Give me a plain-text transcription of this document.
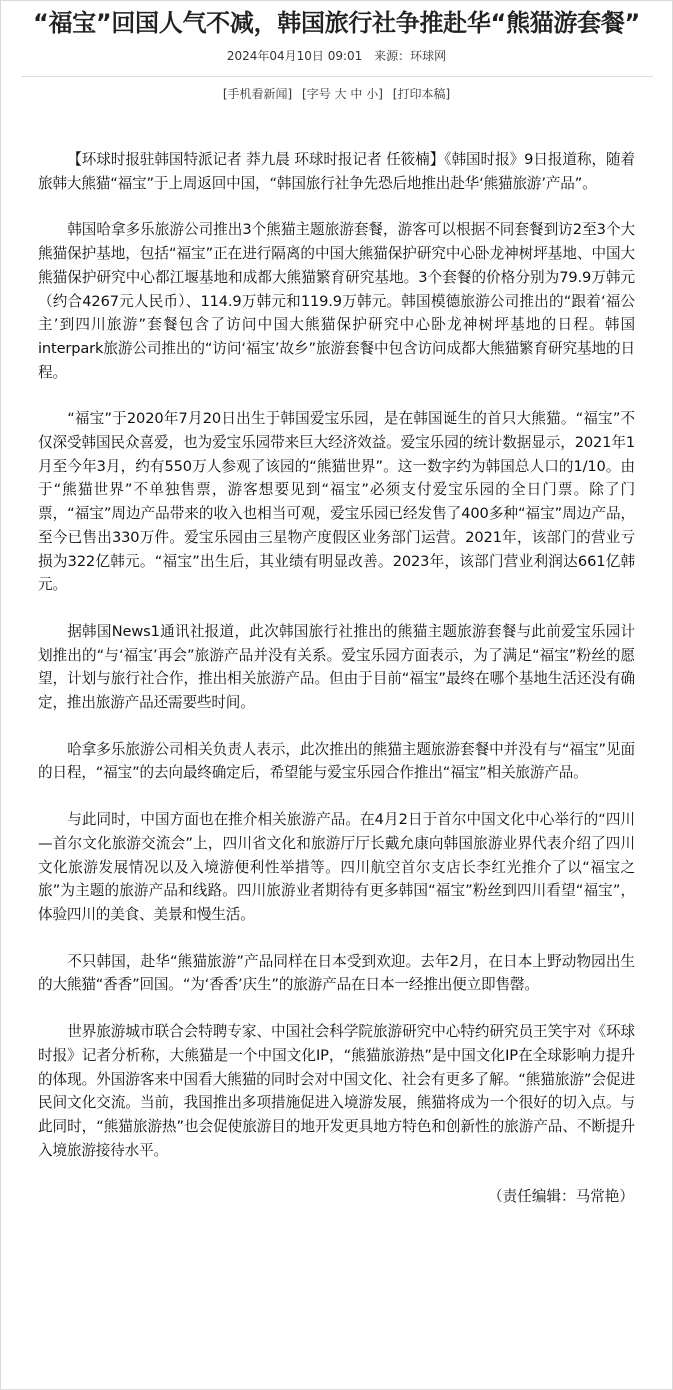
“福宝”回国人气不减，韩国旅行社争推赴华“熊猫游套餐”
2024年04月10日 09:01 来源：环球网
[手机看新闻] [字号 大 中 小] [打印本稿]

【环球时报驻韩国特派记者 莽九晨 环球时报记者 任筱楠】《韩国时报》9日报道称，随着旅韩大熊猫“福宝”于上周返回中国，“韩国旅行社争先恐后地推出赴华‘熊猫旅游’产品”。

韩国哈拿多乐旅游公司推出3个熊猫主题旅游套餐，游客可以根据不同套餐到访2至3个大熊猫保护基地，包括“福宝”正在进行隔离的中国大熊猫保护研究中心卧龙神树坪基地、中国大熊猫保护研究中心都江堰基地和成都大熊猫繁育研究基地。3个套餐的价格分别为79.9万韩元（约合4267元人民币）、114.9万韩元和119.9万韩元。韩国模德旅游公司推出的“跟着‘福公主’到四川旅游”套餐包含了访问中国大熊猫保护研究中心卧龙神树坪基地的日程。韩国interpark旅游公司推出的“访问‘福宝’故乡”旅游套餐中包含访问成都大熊猫繁育研究基地的日程。

“福宝”于2020年7月20日出生于韩国爱宝乐园，是在韩国诞生的首只大熊猫。“福宝”不仅深受韩国民众喜爱，也为爱宝乐园带来巨大经济效益。爱宝乐园的统计数据显示，2021年1月至今年3月，约有550万人参观了该园的“熊猫世界”。这一数字约为韩国总人口的1/10。由于“熊猫世界”不单独售票，游客想要见到“福宝”必须支付爱宝乐园的全日门票。除了门票，“福宝”周边产品带来的收入也相当可观，爱宝乐园已经发售了400多种“福宝”周边产品，至今已售出330万件。爱宝乐园由三星物产度假区业务部门运营。2021年，该部门的营业亏损为322亿韩元。“福宝”出生后，其业绩有明显改善。2023年，该部门营业利润达661亿韩元。

据韩国News1通讯社报道，此次韩国旅行社推出的熊猫主题旅游套餐与此前爱宝乐园计划推出的“与‘福宝’再会”旅游产品并没有关系。爱宝乐园方面表示，为了满足“福宝”粉丝的愿望，计划与旅行社合作，推出相关旅游产品。但由于目前“福宝”最终在哪个基地生活还没有确定，推出旅游产品还需要些时间。

哈拿多乐旅游公司相关负责人表示，此次推出的熊猫主题旅游套餐中并没有与“福宝”见面的日程，“福宝”的去向最终确定后，希望能与爱宝乐园合作推出“福宝”相关旅游产品。

与此同时，中国方面也在推介相关旅游产品。在4月2日于首尔中国文化中心举行的“四川—首尔文化旅游交流会”上，四川省文化和旅游厅厅长戴允康向韩国旅游业界代表介绍了四川文化旅游发展情况以及入境游便利性举措等。四川航空首尔支店长李红光推介了以“福宝之旅”为主题的旅游产品和线路。四川旅游业者期待有更多韩国“福宝”粉丝到四川看望“福宝”，体验四川的美食、美景和慢生活。

不只韩国，赴华“熊猫旅游”产品同样在日本受到欢迎。去年2月，在日本上野动物园出生的大熊猫“香香”回国。“为‘香香’庆生”的旅游产品在日本一经推出便立即售罄。

世界旅游城市联合会特聘专家、中国社会科学院旅游研究中心特约研究员王笑宇对《环球时报》记者分析称，大熊猫是一个中国文化IP，“熊猫旅游热”是中国文化IP在全球影响力提升的体现。外国游客来中国看大熊猫的同时会对中国文化、社会有更多了解。“熊猫旅游”会促进民间文化交流。当前，我国推出多项措施促进入境游发展，熊猫将成为一个很好的切入点。与此同时，“熊猫旅游热”也会促使旅游目的地开发更具地方特色和创新性的旅游产品、不断提升入境旅游接待水平。

（责任编辑：马常艳）
